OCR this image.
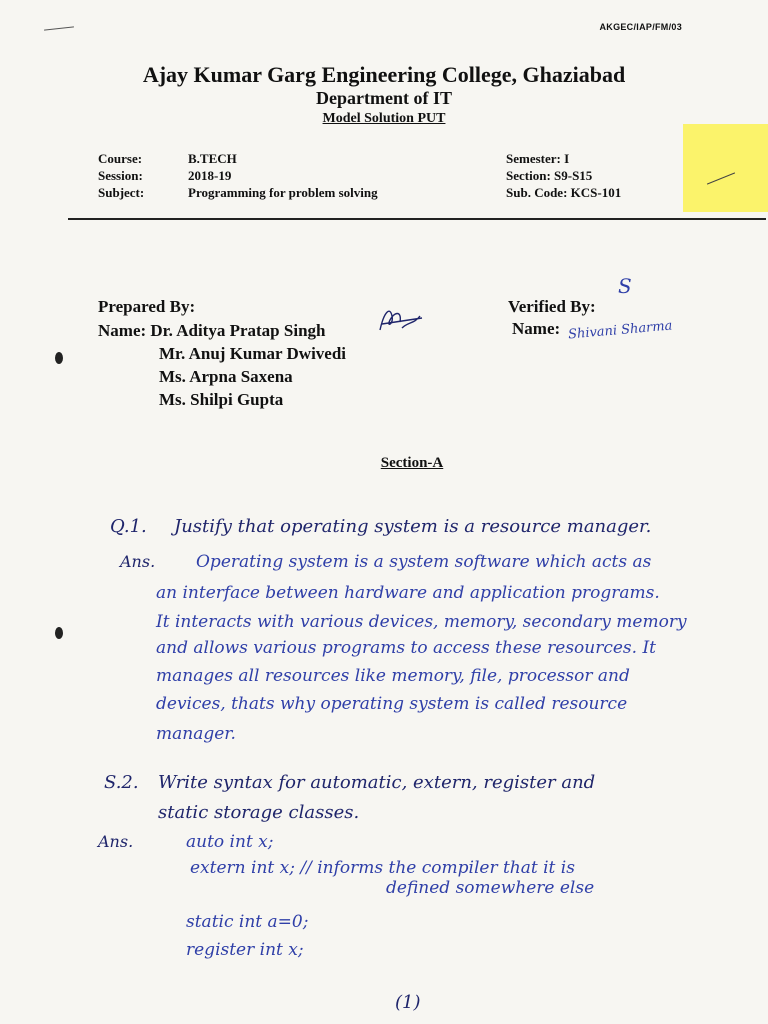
AKGEC/IAP/FM/03
Ajay Kumar Garg Engineering College, Ghaziabad
Department of IT
Model Solution PUT
Course:
Session:
Subject:
B.TECH
2018-19
Programming for problem solving
Semester: I
Section: S9-S15
Sub. Code: KCS-101
Prepared By:
Name: Dr. Aditya Pratap Singh
Mr. Anuj Kumar Dwivedi
Ms. Arpna Saxena
Ms. Shilpi Gupta
Verified By:
Name: Shivani Sharma
S
Section-A
Q.1. Justify that operating system is a resource manager.
Ans. Operating system is a system software which acts as
an interface between hardware and application programs.
It interacts with various devices, memory, secondary memory
and allows various programs to access these resources. It
manages all resources like memory, file, processor and
devices, thats why operating system is called resource
manager.
S.2. Write syntax for automatic, extern, register and
static storage classes.
Ans.	auto int x;
extern int x; // informs the compiler that it is
defined somewhere else
static int a=0;
register int x;
(1)
